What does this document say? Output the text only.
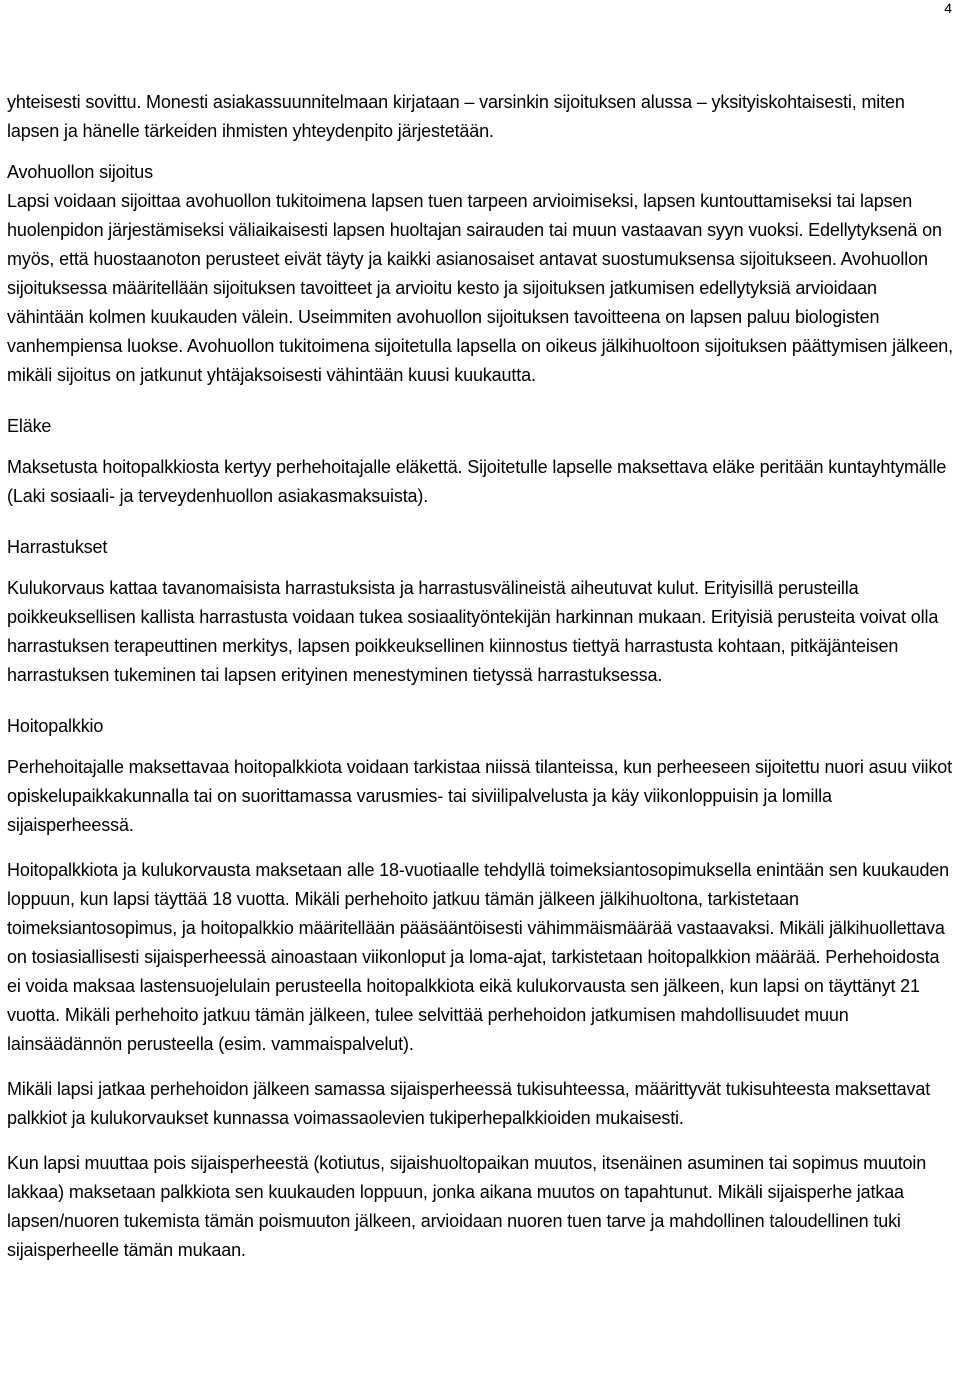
4

yhteisesti sovittu. Monesti asiakassuunnitelmaan kirjataan – varsinkin sijoituksen alussa – yksityiskohtaisesti, miten lapsen ja hänelle tärkeiden ihmisten yhteydenpito järjestetään.

Avohuollon sijoitus

Lapsi voidaan sijoittaa avohuollon tukitoimena lapsen tuen tarpeen arvioimiseksi, lapsen kuntouttamiseksi tai lapsen huolenpidon järjestämiseksi väliaikaisesti lapsen huoltajan sairauden tai muun vastaavan syyn vuoksi. Edellytyksenä on myös, että huostaanoton perusteet eivät täyty ja kaikki asianosaiset antavat suostumuksensa sijoitukseen. Avohuollon sijoituksessa määritellään sijoituksen tavoitteet ja arvioitu kesto ja sijoituksen jatkumisen edellytyksiä arvioidaan vähintään kolmen kuukauden välein. Useimmiten avohuollon sijoituksen tavoitteena on lapsen paluu biologisten vanhempiensa luokse. Avohuollon tukitoimena sijoitetulla lapsella on oikeus jälkihuoltoon sijoituksen päättymisen jälkeen, mikäli sijoitus on jatkunut yhtäjaksoisesti vähintään kuusi kuukautta.

Eläke

Maksetusta hoitopalkkiosta kertyy perhehoitajalle eläkettä. Sijoitetulle lapselle maksettava eläke peritään kuntayhtymälle (Laki sosiaali- ja terveydenhuollon asiakasmaksuista).

Harrastukset

Kulukorvaus kattaa tavanomaisista harrastuksista ja harrastusvälineistä aiheutuvat kulut. Erityisillä perusteilla poikkeuksellisen kallista harrastusta voidaan tukea sosiaalityöntekijän harkinnan mukaan. Erityisiä perusteita voivat olla harrastuksen terapeuttinen merkitys, lapsen poikkeuksellinen kiinnostus tiettyä harrastusta kohtaan, pitkäjänteisen harrastuksen tukeminen tai lapsen erityinen menestyminen tietyssä harrastuksessa.

Hoitopalkkio

Perhehoitajalle maksettavaa hoitopalkkiota voidaan tarkistaa niissä tilanteissa, kun perheeseen sijoitettu nuori asuu viikot opiskelupaikkakunnalla tai on suorittamassa varusmies- tai siviilipalvelusta ja käy viikonloppuisin ja lomilla sijaisperheessä.

Hoitopalkkiota ja kulukorvausta maksetaan alle 18-vuotiaalle tehdyllä toimeksiantosopimuksella enintään sen kuukauden loppuun, kun lapsi täyttää 18 vuotta. Mikäli perhehoito jatkuu tämän jälkeen jälkihuoltona, tarkistetaan toimeksiantosopimus, ja hoitopalkkio määritellään pääsääntöisesti vähimmäismäärää vastaavaksi. Mikäli jälkihuollettava on tosiasiallisesti sijaisperheessä ainoastaan viikonloput ja loma-ajat, tarkistetaan hoitopalkkion määrää. Perhehoidosta ei voida maksaa lastensuojelulain perusteella hoitopalkkiota eikä kulukorvausta sen jälkeen, kun lapsi on täyttänyt 21 vuotta. Mikäli perhehoito jatkuu tämän jälkeen, tulee selvittää perhehoidon jatkumisen mahdollisuudet muun lainsäädännön perusteella (esim. vammaispalvelut).

Mikäli lapsi jatkaa perhehoidon jälkeen samassa sijaisperheessä tukisuhteessa, määrittyvät tukisuhteesta maksettavat palkkiot ja kulukorvaukset kunnassa voimassaolevien tukiperhepalkkioiden mukaisesti.

Kun lapsi muuttaa pois sijaisperheestä (kotiutus, sijaishuoltopaikan muutos, itsenäinen asuminen tai sopimus muutoin lakkaa) maksetaan palkkiota sen kuukauden loppuun, jonka aikana muutos on tapahtunut. Mikäli sijaisperhe jatkaa lapsen/nuoren tukemista tämän poismuuton jälkeen, arvioidaan nuoren tuen tarve ja mahdollinen taloudellinen tuki sijaisperheelle tämän mukaan.
